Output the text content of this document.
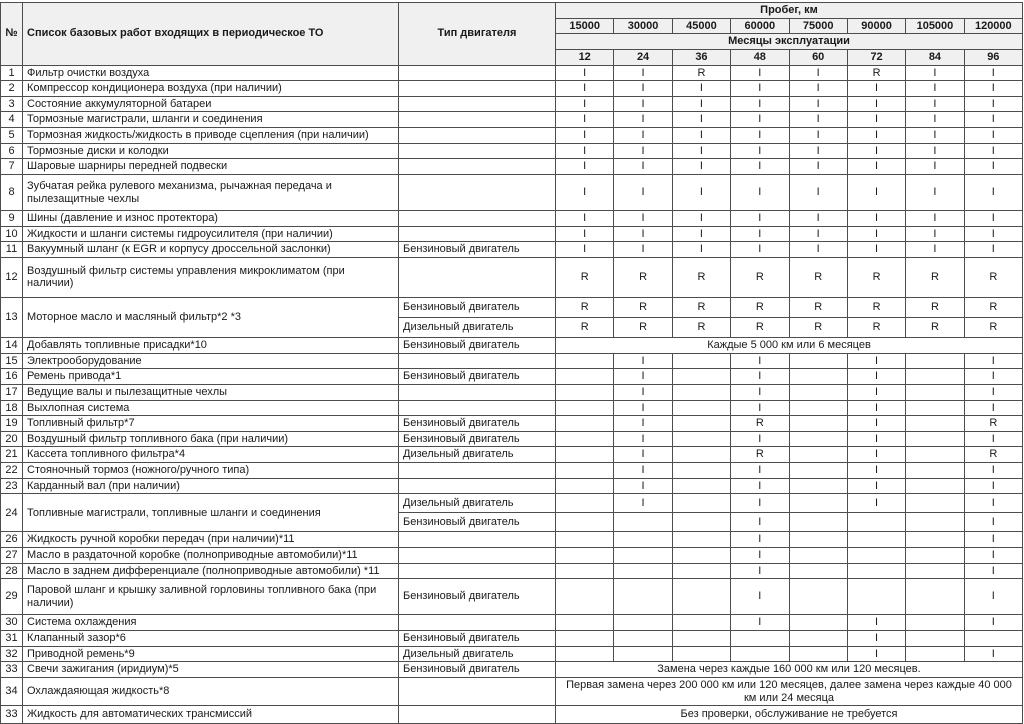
№	Список базовых работ входящих в периодическое ТО	Тип двигателя	Пробег, км							
			15000	30000	45000	60000	75000	90000	105000	120000
			Месяцы эксплуатации							
			12	24	36	48	60	72	84	96
1	Фильтр очистки воздуха		I	I	R	I	I	R	I	I
2	Компрессор кондиционера воздуха (при наличии)		I	I	I	I	I	I	I	I
3	Состояние аккумуляторной батареи		I	I	I	I	I	I	I	I
4	Тормозные магистрали, шланги и соединения		I	I	I	I	I	I	I	I
5	Тормозная жидкость/жидкость в приводе сцепления (при наличии)		I	I	I	I	I	I	I	I
6	Тормозные диски и колодки		I	I	I	I	I	I	I	I
7	Шаровые шарниры передней подвески		I	I	I	I	I	I	I	I
8	Зубчатая рейка рулевого механизма, рычажная передача и пылезащитные чехлы		I	I	I	I	I	I	I	I
9	Шины (давление и износ протектора)		I	I	I	I	I	I	I	I
10	Жидкости и шланги системы гидроусилителя (при наличии)		I	I	I	I	I	I	I	I
11	Вакуумный шланг (к EGR и корпусу дроссельной заслонки)	Бензиновый двигатель	I	I	I	I	I	I	I	I
12	Воздушный фильтр системы управления микроклиматом (при наличии)		R	R	R	R	R	R	R	R
13	Моторное масло и масляный фильтр*2 *3	Бензиновый двигатель	R	R	R	R	R	R	R	R
		Дизельный двигатель	R	R	R	R	R	R	R	R
14	Добавлять топливные присадки*10	Бензиновый двигатель	Каждые 5 000 км или 6 месяцев							
15	Электрооборудование			I		I		I		I
16	Ремень привода*1	Бензиновый двигатель		I		I		I		I
17	Ведущие валы и пылезащитные чехлы			I		I		I		I
18	Выхлопная система			I		I		I		I
19	Топливный фильтр*7	Бензиновый двигатель		I		R		I		R
20	Воздушный фильтр топливного бака (при наличии)	Бензиновый двигатель		I		I		I		I
21	Кассета топливного фильтра*4	Дизельный двигатель		I		R		I		R
22	Стояночный тормоз (ножного/ручного типа)			I		I		I		I
23	Карданный вал (при наличии)			I		I		I		I
24	Топливные магистрали, топливные шланги и соединения	Дизельный двигатель		I		I		I		I
		Бензиновый двигатель				I				I
26	Жидкость ручной коробки передач (при наличии)*11					I				I
27	Масло в раздаточной коробке (полноприводные автомобили)*11					I				I
28	Масло в заднем дифференциале (полноприводные автомобили) *11					I				I
29	Паровой шланг и крышку заливной горловины топливного бака (при наличии)	Бензиновый двигатель				I				I
30	Система охлаждения					I		I		I
31	Клапанный зазор*6	Бензиновый двигатель						I		
32	Приводной ремень*9	Дизельный двигатель						I		I
33	Свечи зажигания (иридиум)*5	Бензиновый двигатель	Замена через каждые 160 000 км или 120 месяцев.							
34	Охлаждаяющая жидкость*8		Первая замена через 200 000 км или 120 месяцев, далее замена через каждые 40 000 км или 24 месяца							
33	Жидкость для автоматических трансмиссий		Без проверки, обслуживание не требуется							
